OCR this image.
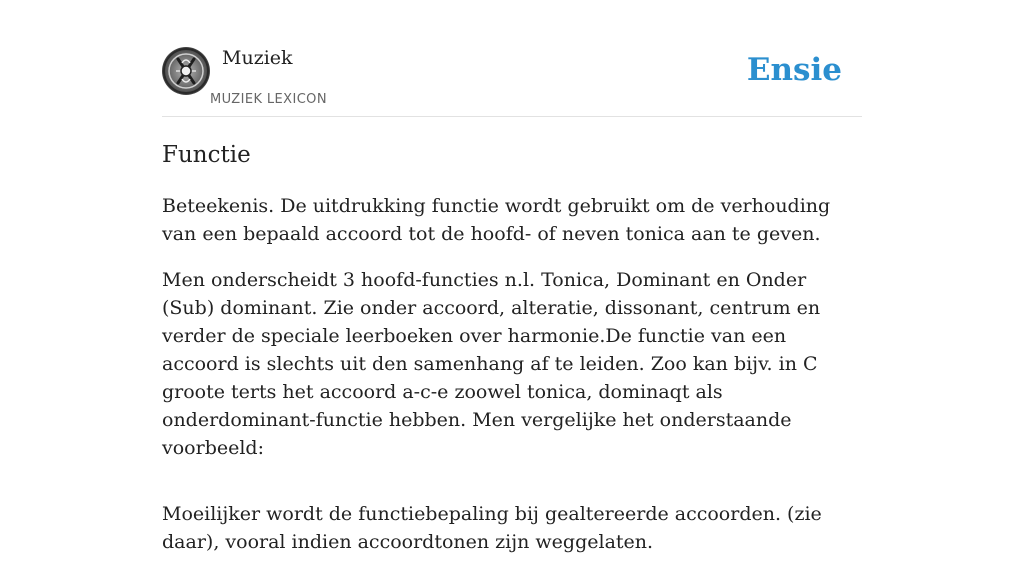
Muziek
MUZIEK LEXICON
Ensie
Functie

Beteekenis. De uitdrukking functie wordt gebruikt om de verhouding van een bepaald accoord tot de hoofd- of neven tonica aan te geven.

Men onderscheidt 3 hoofd-functies n.l. Tonica, Dominant en Onder (Sub) dominant. Zie onder accoord, alteratie, dissonant, centrum en verder de speciale leerboeken over harmonie.De functie van een accoord is slechts uit den samenhang af te leiden. Zoo kan bijv. in C groote terts het accoord a-c-e zoowel tonica, dominaqt als onderdominant-functie hebben. Men vergelijke het onderstaande voorbeeld:

Moeilijker wordt de functiebepaling bij gealtereerde accoorden. (zie daar), vooral indien accoordtonen zijn weggelaten.
